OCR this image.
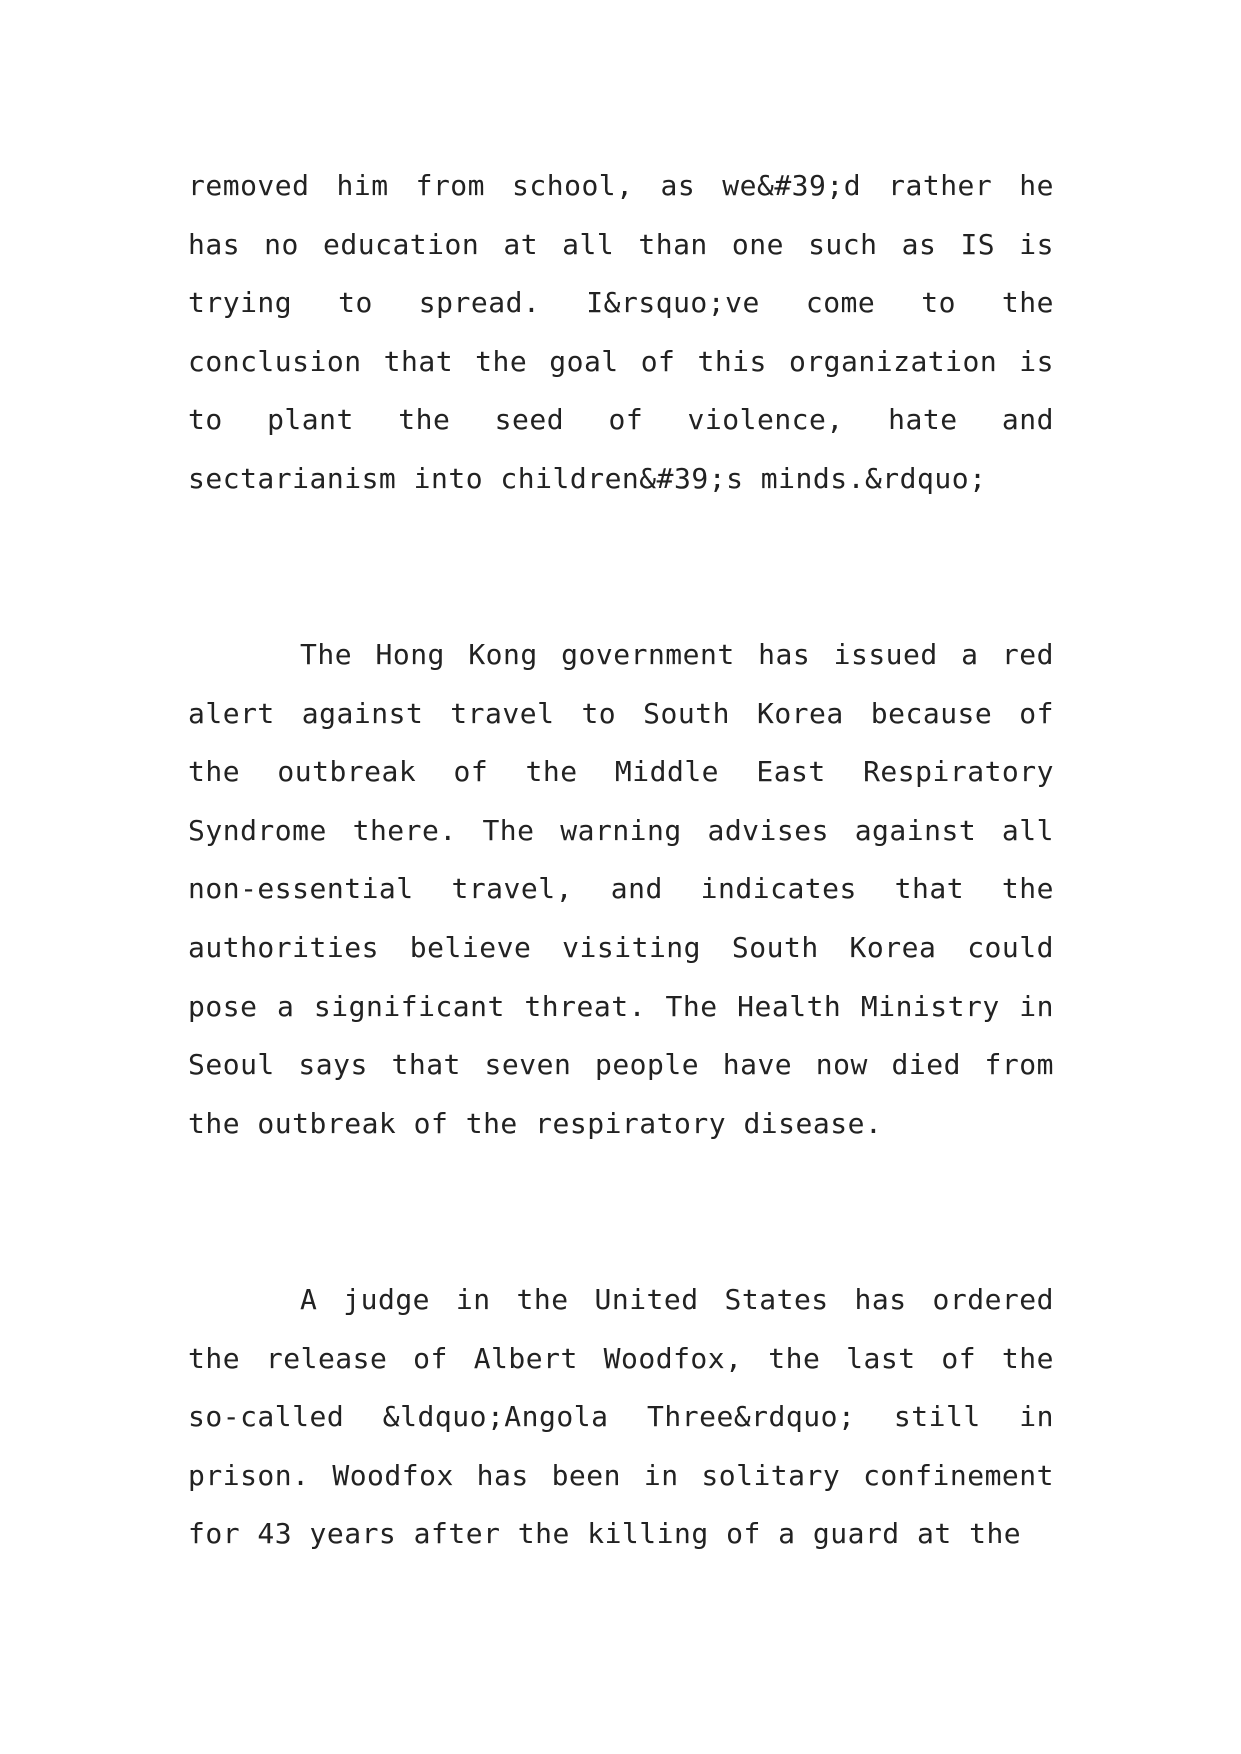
removed him from school, as we&#39;d rather he has no education at all than one such as IS is trying to spread. I&rsquo;ve come to the conclusion that the goal of this organization is to plant the seed of violence, hate and sectarianism into children&#39;s minds.&rdquo;

The Hong Kong government has issued a red alert against travel to South Korea because of the outbreak of the Middle East Respiratory Syndrome there. The warning advises against all non-essential travel, and indicates that the authorities believe visiting South Korea could pose a significant threat. The Health Ministry in Seoul says that seven people have now died from the outbreak of the respiratory disease.

A judge in the United States has ordered the release of Albert Woodfox, the last of the so-called &ldquo;Angola Three&rdquo; still in prison. Woodfox has been in solitary confinement for 43 years after the killing of a guard at the
